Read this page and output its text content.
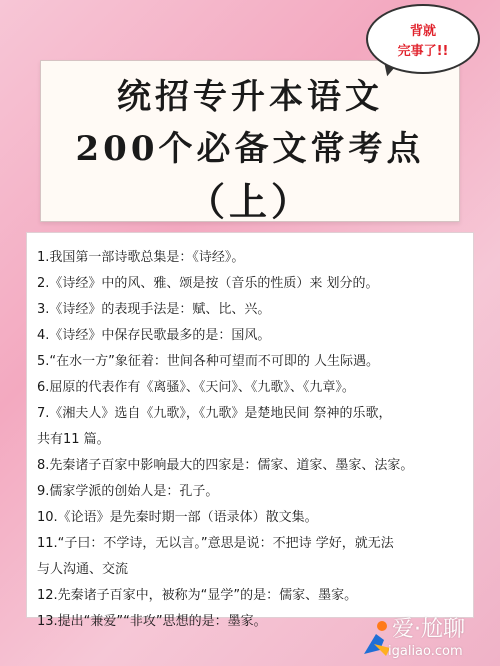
背就
完事了!!
统招专升本语文
200个必备文常考点
（上）

1.我国第一部诗歌总集是：《诗经》。

2.《诗经》中的风、雅、颂是按（音乐的性质）来 划分的。

3.《诗经》的表现手法是：赋、比、兴。

4.《诗经》中保存民歌最多的是：国风。

5.“在水一方”象征着：世间各种可望而不可即的 人生际遇。

6.屈原的代表作有《离骚》、《天问》、《九歌》、《九章》。

7.《湘夫人》选自《九歌》，《九歌》是楚地民间 祭神的乐歌，

共有11 篇。

8.先秦诸子百家中影响最大的四家是：儒家、道家、墨家、法家。

9.儒家学派的创始人是：孔子。

10.《论语》是先秦时期一部（语录体）散文集。

11.“子曰：不学诗，无以言。”意思是说：不把诗 学好，就无法

与人沟通、交流

12.先秦诸子百家中，被称为“显学”的是：儒家、墨家。

13.提出“兼爱”“非攻”思想的是：墨家。	爱·尬聊
igaliao.com
